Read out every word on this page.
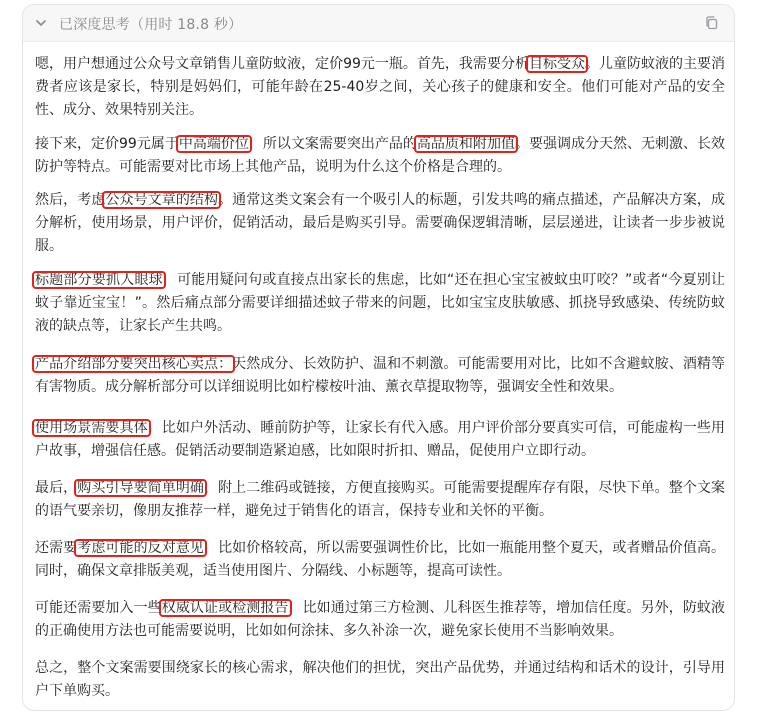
已深度思考（用时 18.8 秒）

嗯，用户想通过公众号文章销售儿童防蚊液，定价99元一瓶。首先，我需要分析目标受众。儿童防蚊液的主要消费者应该是家长，特别是妈妈们，可能年龄在25-40岁之间，关心孩子的健康和安全。他们可能对产品的安全性、成分、效果特别关注。

接下来，定价99元属于中高端价位，所以文案需要突出产品的高品质和附加值。要强调成分天然、无刺激、长效防护等特点。可能需要对比市场上其他产品，说明为什么这个价格是合理的。

然后，考虑公众号文章的结构。通常这类文案会有一个吸引人的标题，引发共鸣的痛点描述，产品解决方案，成分解析，使用场景，用户评价，促销活动，最后是购买引导。需要确保逻辑清晰，层层递进，让读者一步步被说服。

标题部分要抓人眼球，可能用疑问句或直接点出家长的焦虑，比如“还在担心宝宝被蚊虫叮咬？”或者“今夏别让蚊子靠近宝宝！”。然后痛点部分需要详细描述蚊子带来的问题，比如宝宝皮肤敏感、抓挠导致感染、传统防蚊液的缺点等，让家长产生共鸣。

产品介绍部分要突出核心卖点：天然成分、长效防护、温和不刺激。可能需要用对比，比如不含避蚊胺、酒精等有害物质。成分解析部分可以详细说明比如柠檬桉叶油、薰衣草提取物等，强调安全性和效果。

使用场景需要具体，比如户外活动、睡前防护等，让家长有代入感。用户评价部分要真实可信，可能虚构一些用户故事，增强信任感。促销活动要制造紧迫感，比如限时折扣、赠品，促使用户立即行动。

最后，购买引导要简单明确，附上二维码或链接，方便直接购买。可能需要提醒库存有限，尽快下单。整个文案的语气要亲切，像朋友推荐一样，避免过于销售化的语言，保持专业和关怀的平衡。

还需要考虑可能的反对意见，比如价格较高，所以需要强调性价比，比如一瓶能用整个夏天，或者赠品价值高。同时，确保文章排版美观，适当使用图片、分隔线、小标题等，提高可读性。

可能还需要加入一些权威认证或检测报告，比如通过第三方检测、儿科医生推荐等，增加信任度。另外，防蚊液的正确使用方法也可能需要说明，比如如何涂抹、多久补涂一次，避免家长使用不当影响效果。

总之，整个文案需要围绕家长的核心需求，解决他们的担忧，突出产品优势，并通过结构和话术的设计，引导用户下单购买。
